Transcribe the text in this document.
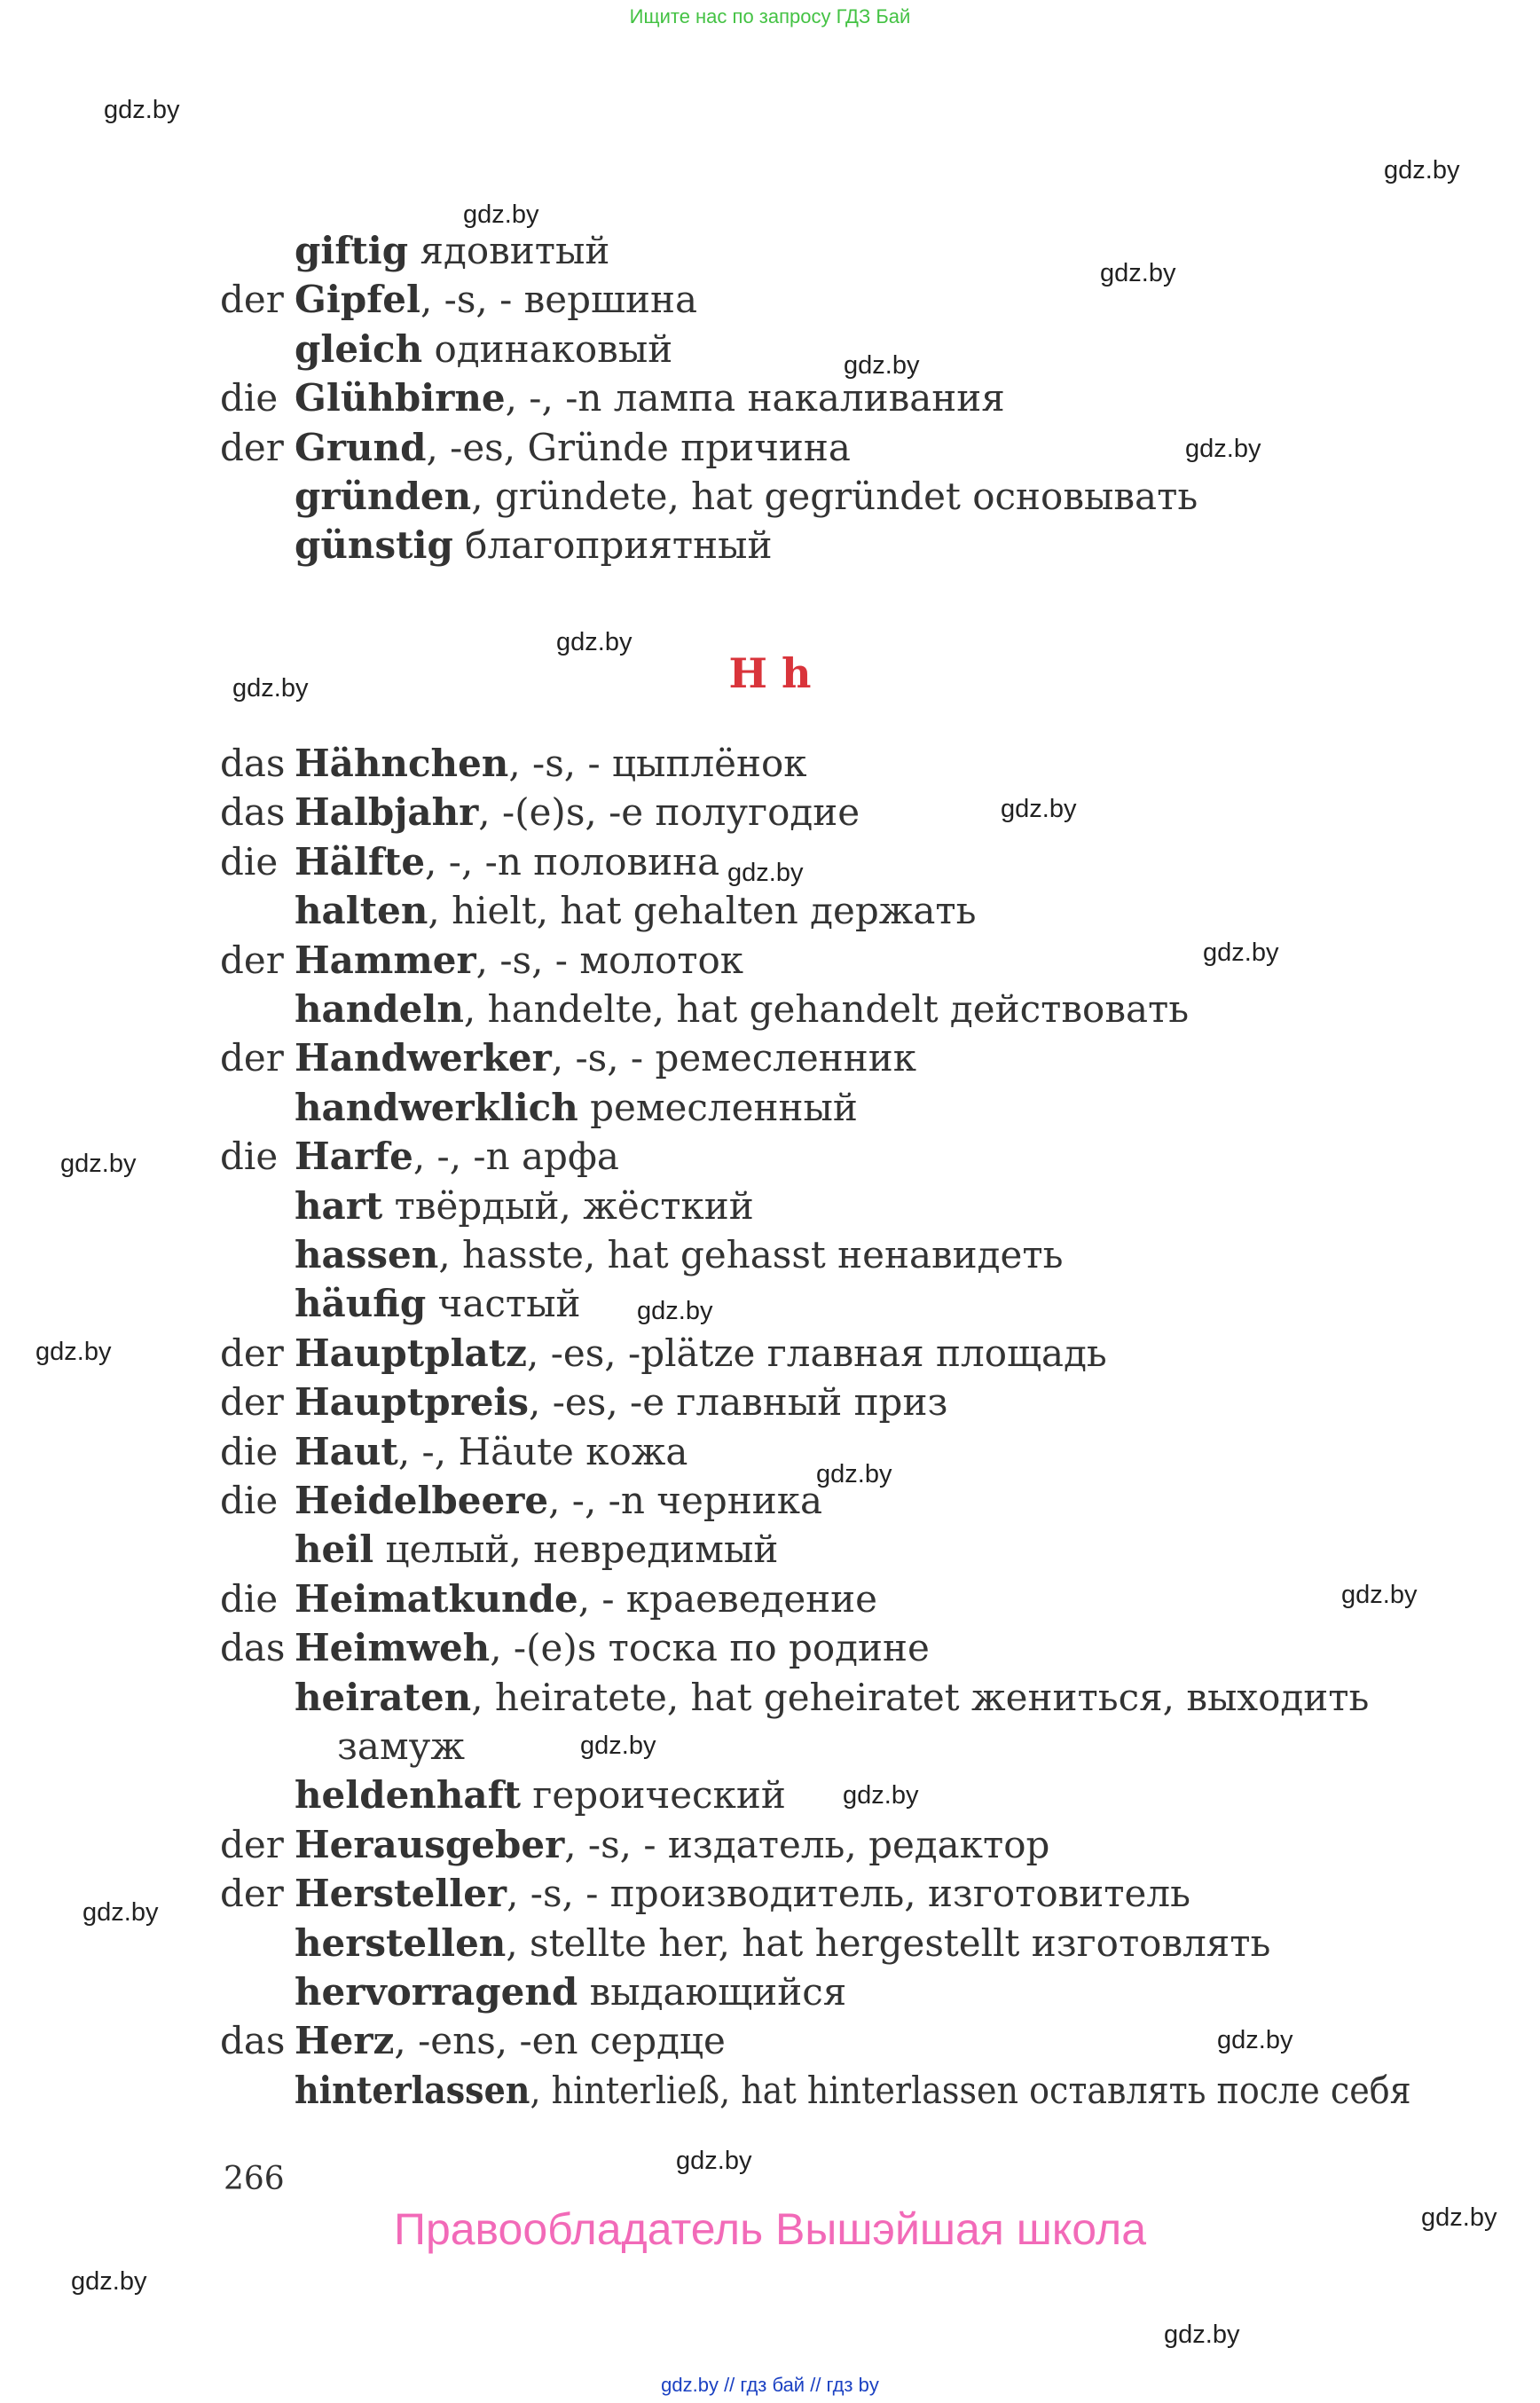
Ищите нас по запросу ГДЗ Бай
gdz.by
gdz.by
gdz.by
gdz.by
gdz.by
gdz.by
gdz.by
gdz.by
gdz.by
gdz.by
gdz.by
gdz.by
gdz.by
gdz.by
gdz.by
gdz.by
gdz.by
gdz.by
gdz.by
gdz.by
gdz.by
gdz.by
gdz.by
gdz.by
giftig ядовитый
der Gipfel, -s, - вершина
gleich одинаковый
die Glühbirne, -, -n лампа накаливания
der Grund, -es, Gründe причина
gründen, gründete, hat gegründet основывать
günstig благоприятный
H h
das Hähnchen, -s, - цыплёнок
das Halbjahr, -(e)s, -e полугодие
die Hälfte, -, -n половина
halten, hielt, hat gehalten держать
der Hammer, -s, - молоток
handeln, handelte, hat gehandelt действовать
der Handwerker, -s, - ремесленник
handwerklich ремесленный
die Harfe, -, -n арфа
hart твёрдый, жёсткий
hassen, hasste, hat gehasst ненавидеть
häufig частый
der Hauptplatz, -es, -plätze главная площадь
der Hauptpreis, -es, -e главный приз
die Haut, -, Häute кожа
die Heidelbeere, -, -n черника
heil целый, невредимый
die Heimatkunde, - краеведение
das Heimweh, -(e)s тоска по родине
heiraten, heiratete, hat geheiratet жениться, выходить
замуж
heldenhaft героический
der Herausgeber, -s, - издатель, редактор
der Hersteller, -s, - производитель, изготовитель
herstellen, stellte her, hat hergestellt изготовлять
hervorragend выдающийся
das Herz, -ens, -en сердце
hinterlassen, hinterließ, hat hinterlassen оставлять после себя
266
Правообладатель Вышэйшая школа
gdz.by // гдз бай // гдз by
